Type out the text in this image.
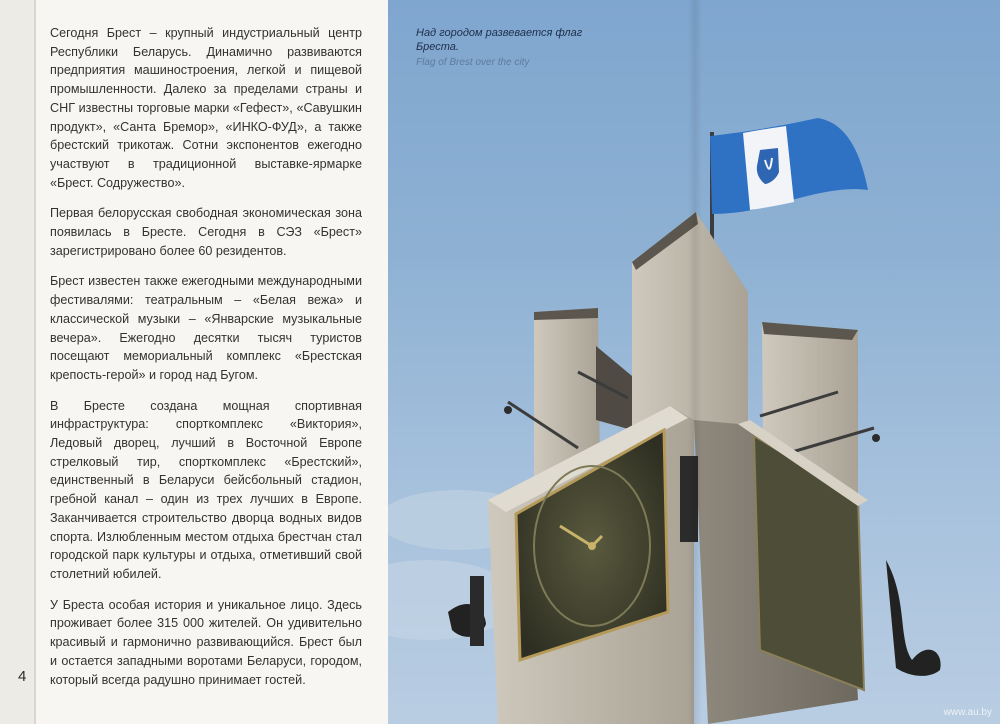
4

Сегодня Брест – крупный индустриальный центр Республики Беларусь. Динамично развиваются предприятия машиностроения, легкой и пищевой промышленности. Далеко за пределами страны и СНГ известны торговые марки «Гефест», «Савушкин продукт», «Санта Бремор», «ИНКО-ФУД», а также брестский трикотаж. Сотни экспонентов ежегодно участвуют в традиционной выставке-ярмарке «Брест. Содружество».

Первая белорусская свободная экономическая зона появилась в Бресте. Сегодня в СЭЗ «Брест» зарегистрировано более 60 резидентов.

Брест известен также ежегодными международными фестивалями: театральным – «Белая вежа» и классической музыки – «Январские музыкальные вечера». Ежегодно десятки тысяч туристов посещают мемориальный комплекс «Брестская крепость-герой» и город над Бугом.

В Бресте создана мощная спортивная инфраструктура: спорткомплекс «Виктория», Ледовый дворец, лучший в Восточной Европе стрелковый тир, спорткомплекс «Брестский», единственный в Беларуси бейсбольный стадион, гребной канал – один из трех лучших в Европе. Заканчивается строительство дворца водных видов спорта. Излюбленным местом отдыха брестчан стал городской парк культуры и отдыха, отметивший свой столетний юбилей.

У Бреста особая история и уникальное лицо. Здесь проживает более 315 000 жителей. Он удивительно красивый и гармонично развивающийся. Брест был и остается западными воротами Беларуси, городом, который всегда радушно принимает гостей.

Над городом развевается флаг Бреста.
Flag of Brest over the city
www.au.by
